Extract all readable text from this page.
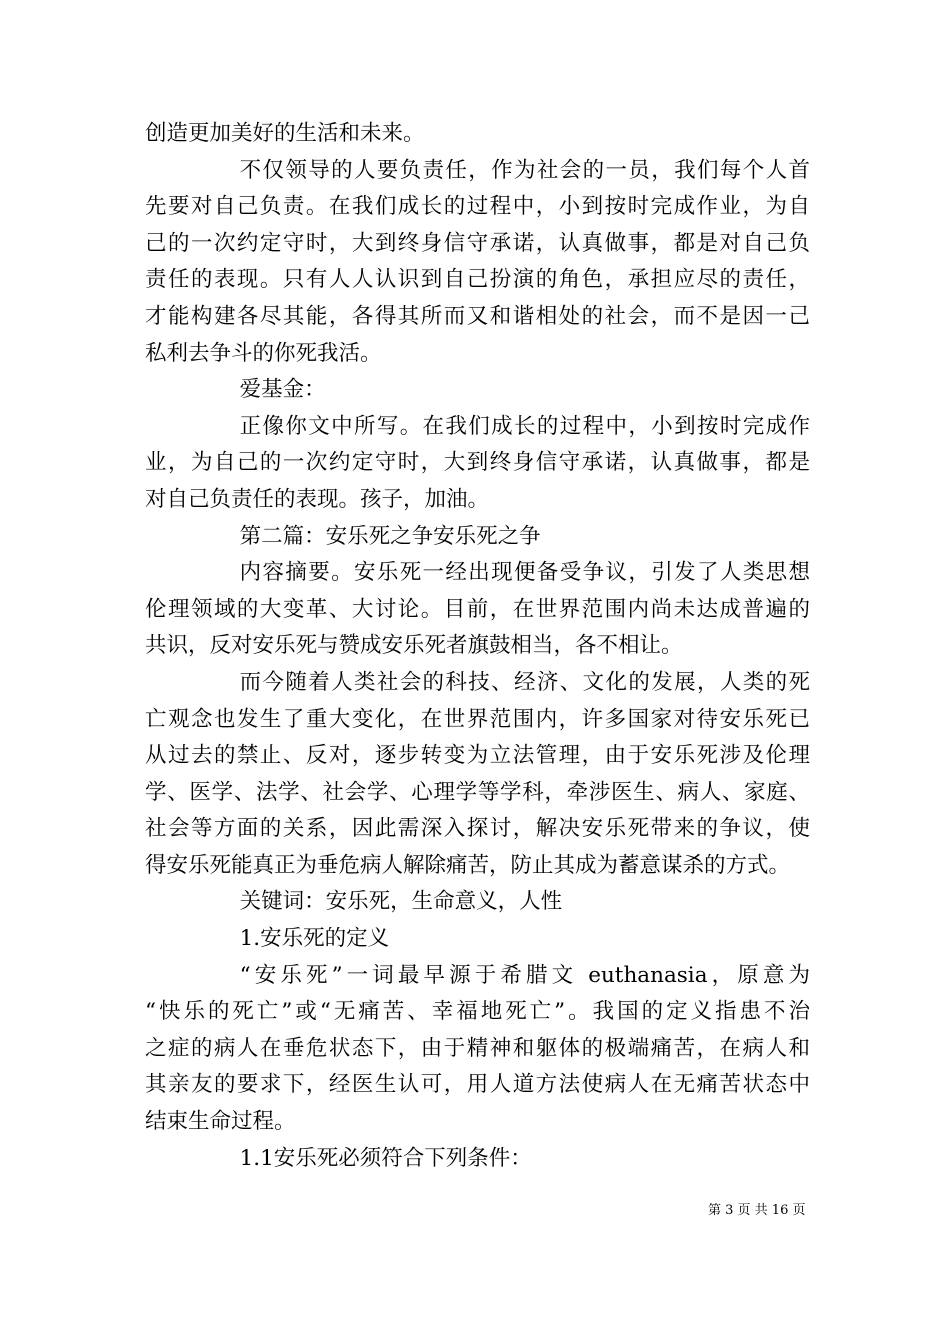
创造更加美好的生活和未来。
不仅领导的人要负责任，作为社会的一员，我们每个人首
先要对自己负责。在我们成长的过程中，小到按时完成作业，为自
己的一次约定守时，大到终身信守承诺，认真做事，都是对自己负
责任的表现。只有人人认识到自己扮演的角色，承担应尽的责任，
才能构建各尽其能，各得其所而又和谐相处的社会，而不是因一己
私利去争斗的你死我活。
爱基金：
正像你文中所写。在我们成长的过程中，小到按时完成作
业，为自己的一次约定守时，大到终身信守承诺，认真做事，都是
对自己负责任的表现。孩子，加油。
第二篇：安乐死之争安乐死之争
内容摘要。安乐死一经出现便备受争议，引发了人类思想
伦理领域的大变革、大讨论。目前，在世界范围内尚未达成普遍的
共识，反对安乐死与赞成安乐死者旗鼓相当，各不相让。
而今随着人类社会的科技、经济、文化的发展，人类的死
亡观念也发生了重大变化，在世界范围内，许多国家对待安乐死已
从过去的禁止、反对，逐步转变为立法管理，由于安乐死涉及伦理
学、医学、法学、社会学、心理学等学科，牵涉医生、病人、家庭、
社会等方面的关系，因此需深入探讨，解决安乐死带来的争议，使
得安乐死能真正为垂危病人解除痛苦，防止其成为蓄意谋杀的方式。
关键词：安乐死，生命意义，人性
1.安乐死的定义
“安乐死”一词最早源于希腊文 euthanasia，原意为
“快乐的死亡”或“无痛苦、幸福地死亡”。我国的定义指患不治
之症的病人在垂危状态下，由于精神和躯体的极端痛苦，在病人和
其亲友的要求下，经医生认可，用人道方法使病人在无痛苦状态中
结束生命过程。
1.1安乐死必须符合下列条件：
第 3 页 共 16 页
